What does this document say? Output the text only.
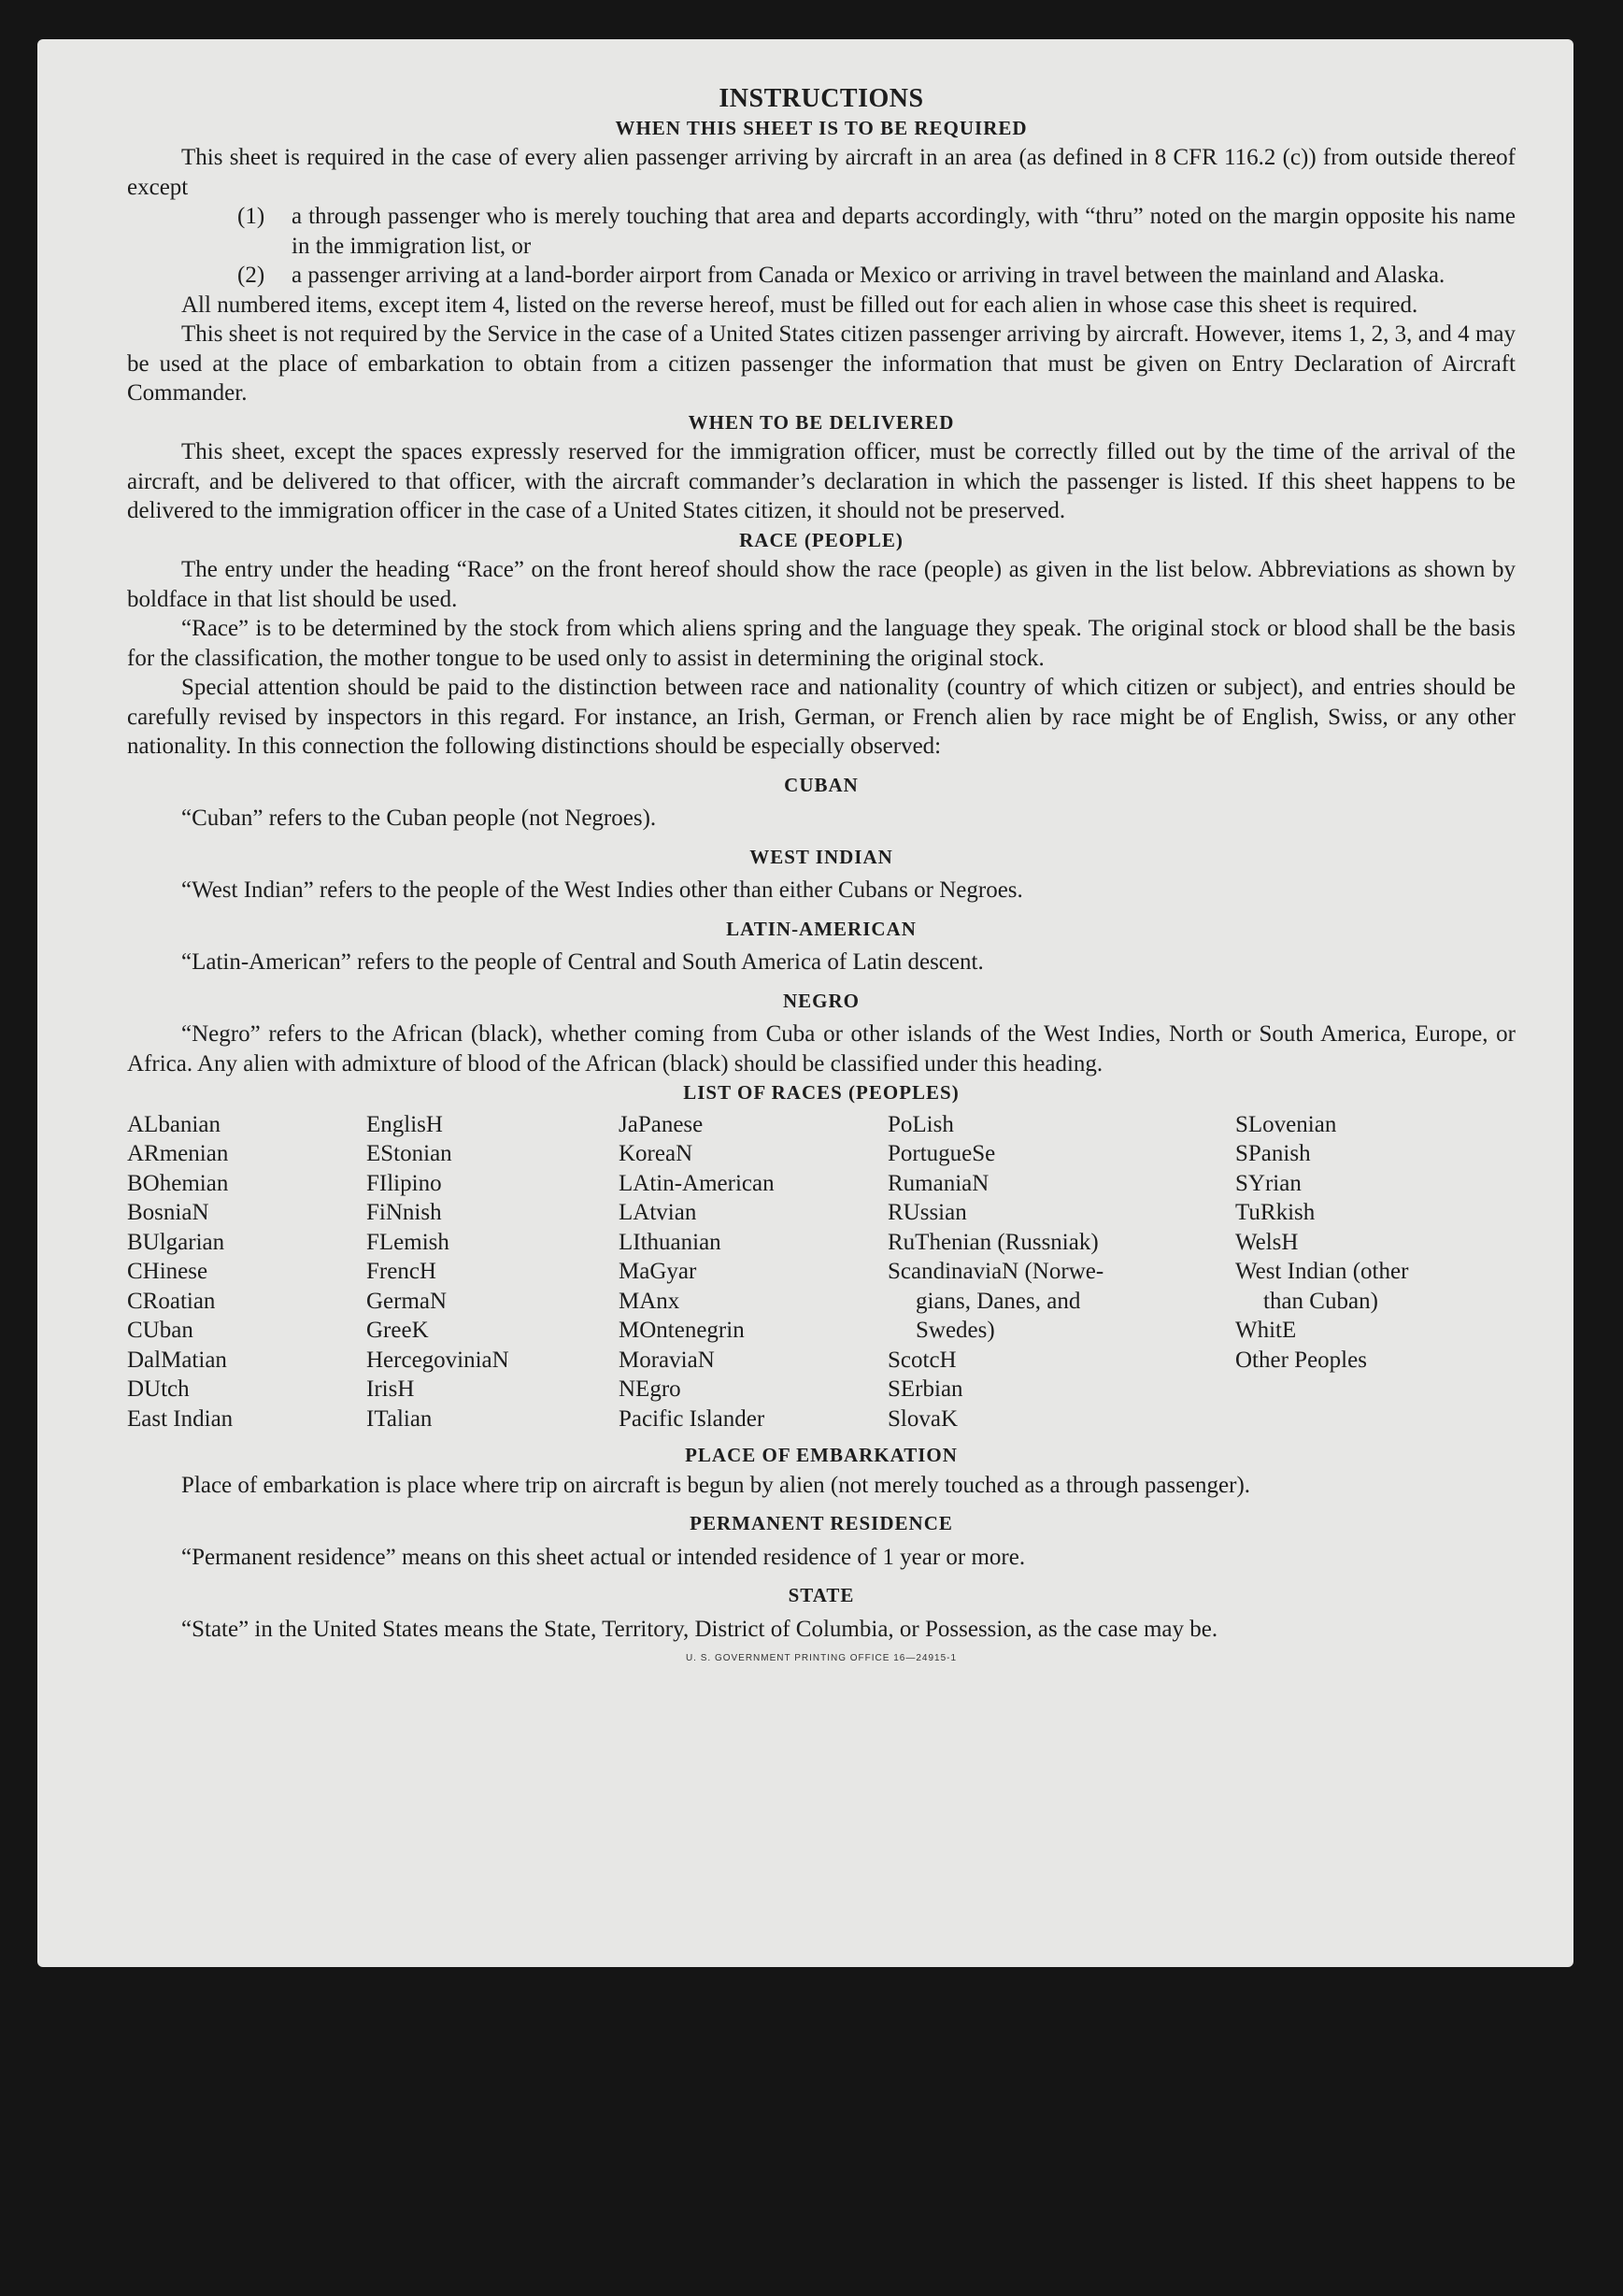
INSTRUCTIONS

WHEN THIS SHEET IS TO BE REQUIRED

This sheet is required in the case of every alien passenger arriving by aircraft in an area (as defined in 8 CFR 116.2 (c)) from outside thereof except

(1)	a through passenger who is merely touching that area and departs accordingly, with “thru” noted on the margin opposite his name in the immigration list, or
(2)	a passenger arriving at a land-border airport from Canada or Mexico or arriving in travel between the mainland and Alaska.

All numbered items, except item 4, listed on the reverse hereof, must be filled out for each alien in whose case this sheet is required.

This sheet is not required by the Service in the case of a United States citizen passenger arriving by aircraft. However, items 1, 2, 3, and 4 may be used at the place of embarkation to obtain from a citizen passenger the information that must be given on Entry Declaration of Aircraft Commander.

WHEN TO BE DELIVERED

This sheet, except the spaces expressly reserved for the immigration officer, must be correctly filled out by the time of the arrival of the aircraft, and be delivered to that officer, with the aircraft commander’s declaration in which the passenger is listed. If this sheet happens to be delivered to the immigration officer in the case of a United States citizen, it should not be preserved.

RACE (PEOPLE)

The entry under the heading “Race” on the front hereof should show the race (people) as given in the list below. Abbreviations as shown by boldface in that list should be used.

“Race” is to be determined by the stock from which aliens spring and the language they speak. The original stock or blood shall be the basis for the classification, the mother tongue to be used only to assist in determining the original stock.

Special attention should be paid to the distinction between race and nationality (country of which citizen or subject), and entries should be carefully revised by inspectors in this regard. For instance, an Irish, German, or French alien by race might be of English, Swiss, or any other nationality. In this connection the following distinctions should be especially observed:

CUBAN

“Cuban” refers to the Cuban people (not Negroes).

WEST INDIAN

“West Indian” refers to the people of the West Indies other than either Cubans or Negroes.

LATIN-AMERICAN

“Latin-American” refers to the people of Central and South America of Latin descent.

NEGRO

“Negro” refers to the African (black), whether coming from Cuba or other islands of the West Indies, North or South America, Europe, or Africa. Any alien with admixture of blood of the African (black) should be classified under this heading.

LIST OF RACES (PEOPLES)

ALbanian
ARmenian
BOhemian
BosniaN
BUlgarian
CHinese
CRoatian
CUban
DalMatian
DUtch
East Indian
EnglisH
EStonian
FIlipino
FiNnish
FLemish
FrencH
GermaN
GreeK
HercegoviniaN
IrisH
ITalian
JaPanese
KoreaN
LAtin-American
LAtvian
LIthuanian
MaGyar
MAnx
MOntenegrin
MoraviaN
NEgro
Pacific Islander
PoLish
PortugueSe
RumaniaN
RUssian
RuThenian (Russniak)
ScandinaviaN (Norwe-
gians, Danes, and
Swedes)
ScotcH
SErbian
SlovaK
SLovenian
SPanish
SYrian
TuRkish
WelsH
West Indian (other
than Cuban)
WhitE
Other Peoples

PLACE OF EMBARKATION

Place of embarkation is place where trip on aircraft is begun by alien (not merely touched as a through passenger).

PERMANENT RESIDENCE

“Permanent residence” means on this sheet actual or intended residence of 1 year or more.

STATE

“State” in the United States means the State, Territory, District of Columbia, or Possession, as the case may be.

U. S. GOVERNMENT PRINTING OFFICE 16—24915-1
